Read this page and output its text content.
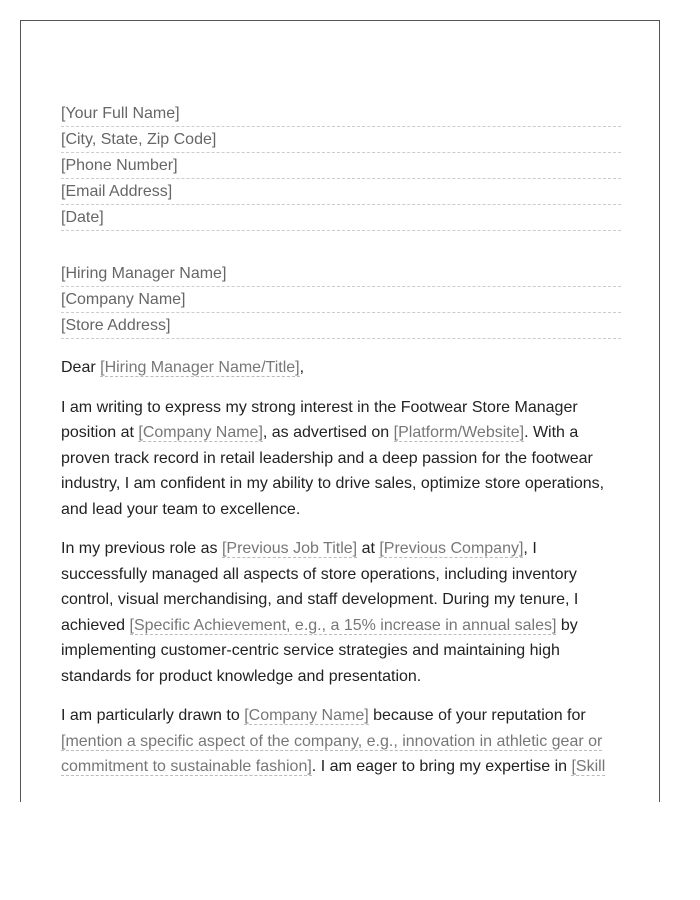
[Your Full Name]
[City, State, Zip Code]
[Phone Number]
[Email Address]
[Date]
[Hiring Manager Name]
[Company Name]
[Store Address]

Dear [Hiring Manager Name/Title],

I am writing to express my strong interest in the Footwear Store Manager position at [Company Name], as advertised on [Platform/Website]. With a proven track record in retail leadership and a deep passion for the footwear industry, I am confident in my ability to drive sales, optimize store operations, and lead your team to excellence.

In my previous role as [Previous Job Title] at [Previous Company], I successfully managed all aspects of store operations, including inventory control, visual merchandising, and staff development. During my tenure, I achieved [Specific Achievement, e.g., a 15% increase in annual sales] by implementing customer-centric service strategies and maintaining high standards for product knowledge and presentation.

I am particularly drawn to [Company Name] because of your reputation for [mention a specific aspect of the company, e.g., innovation in athletic gear or commitment to sustainable fashion]. I am eager to bring my expertise in [Skill
